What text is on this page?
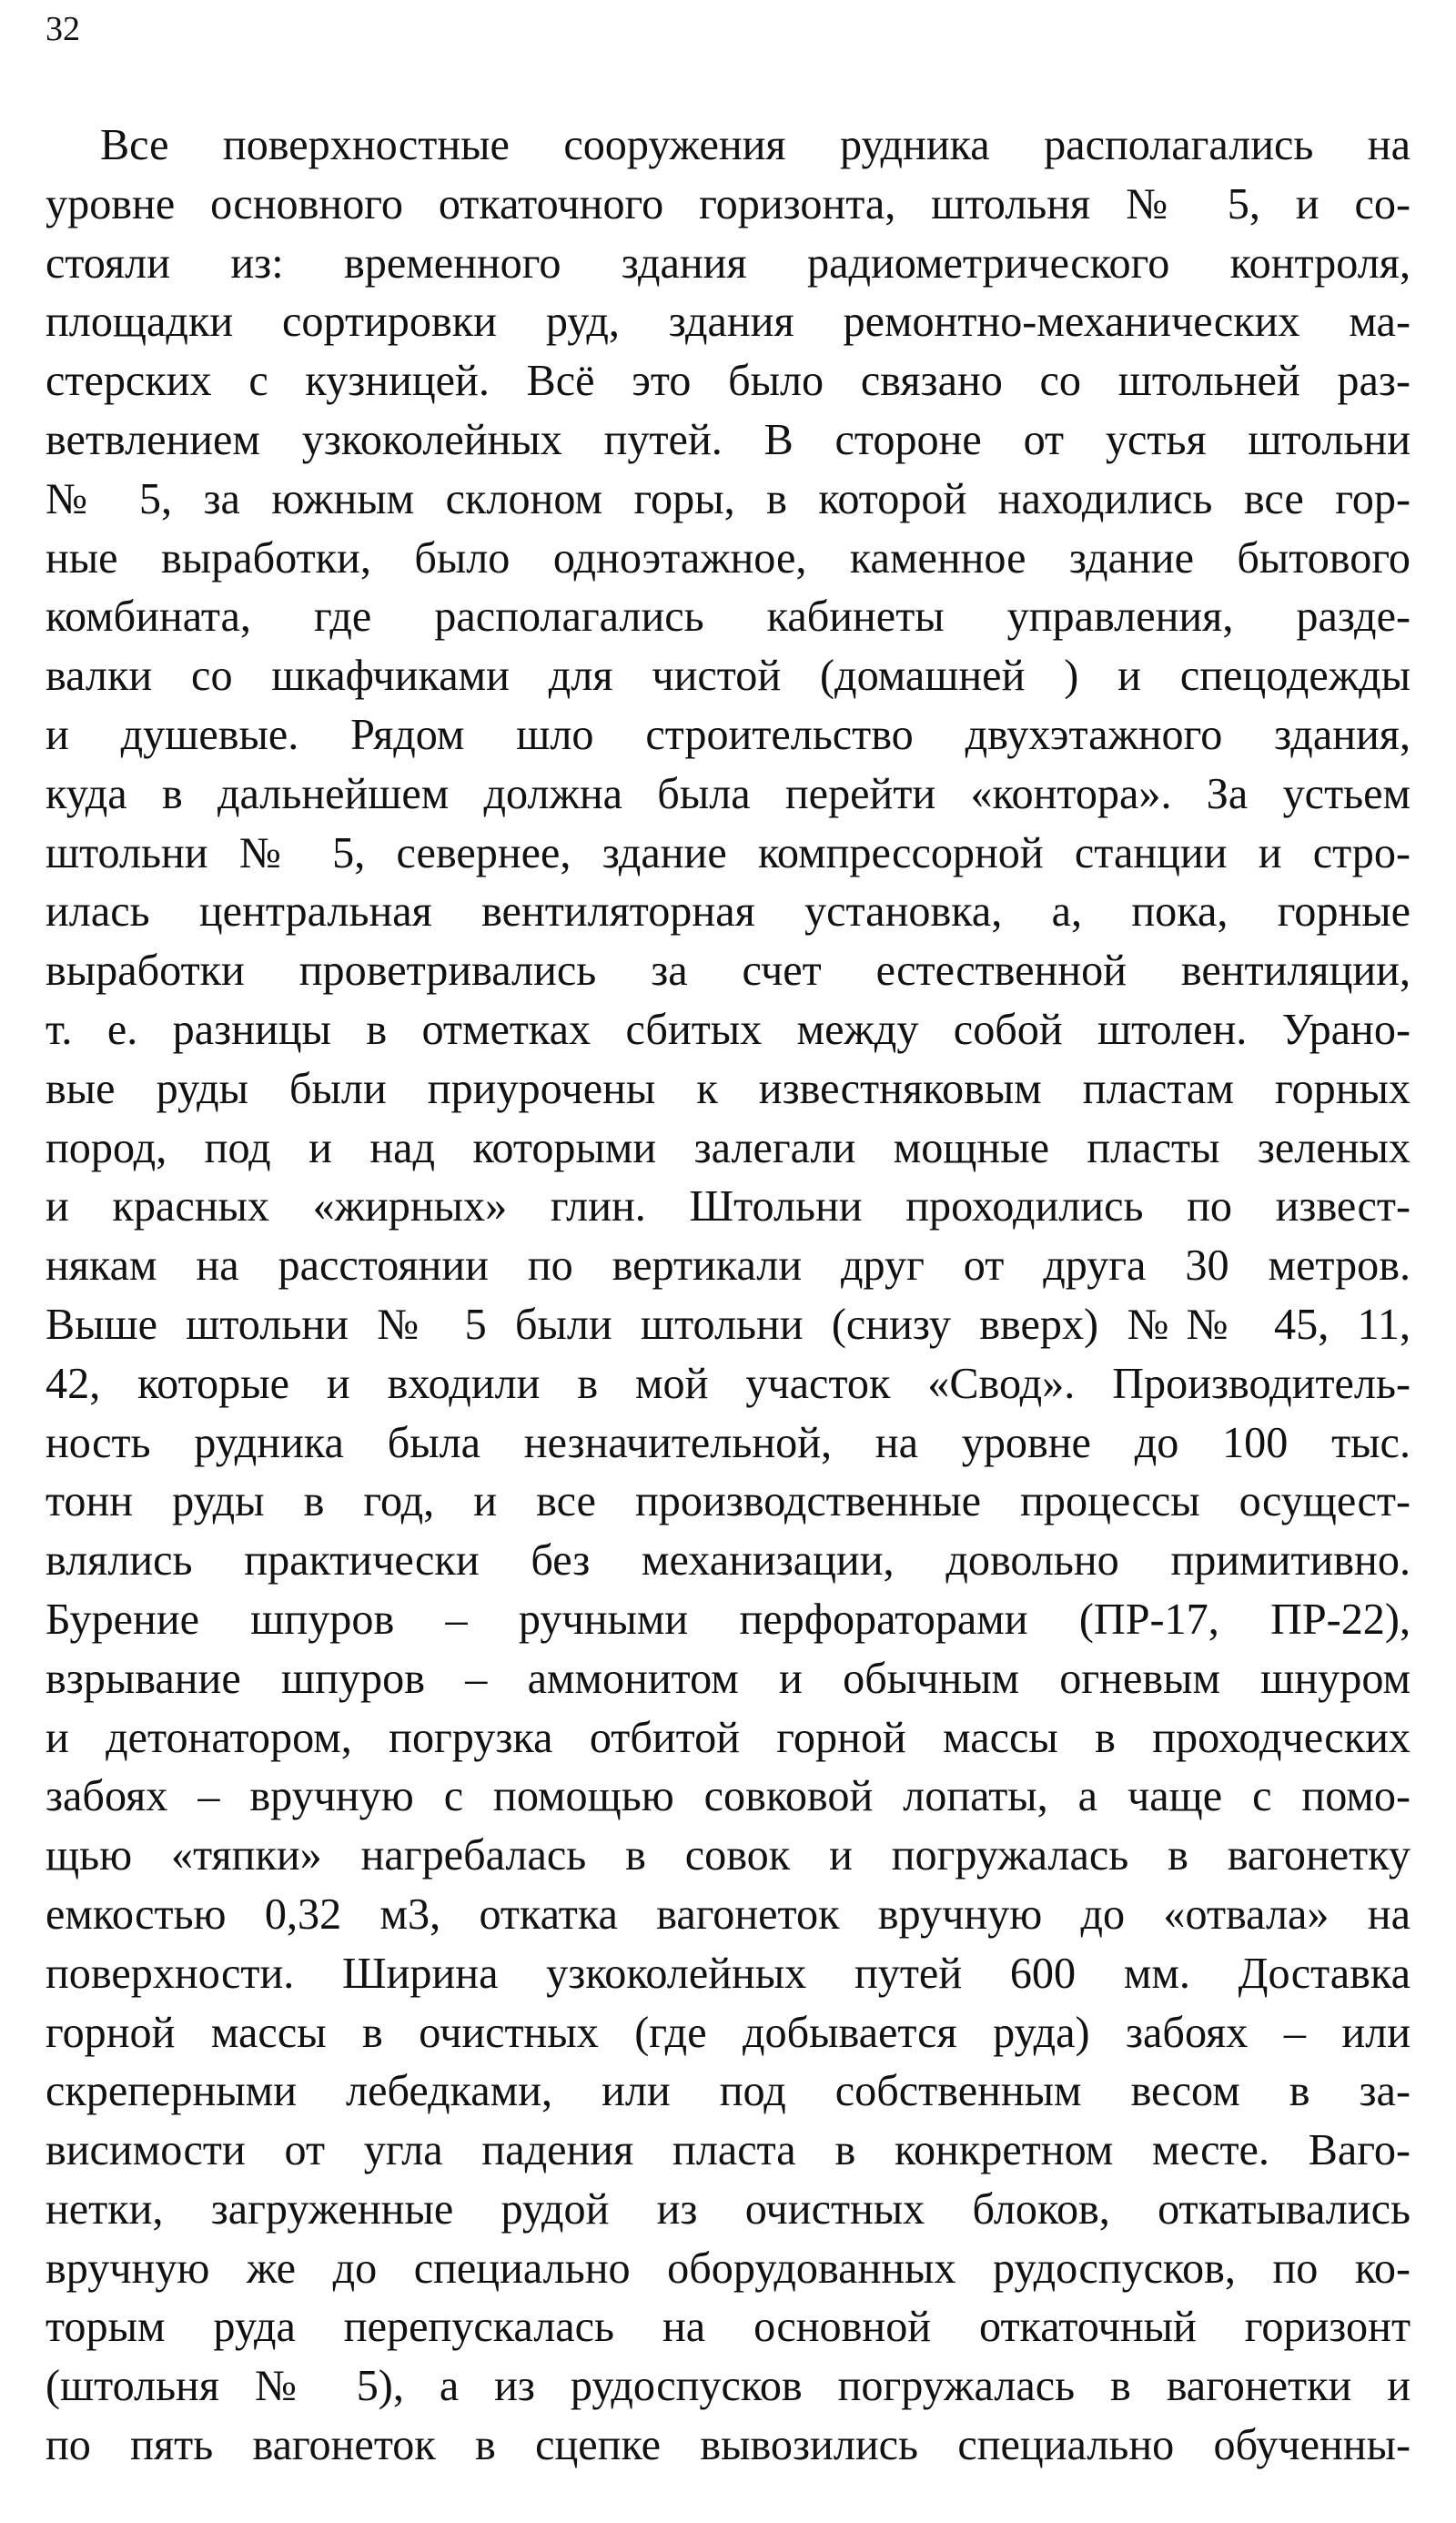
32
Все поверхностные сооружения рудника располагались на
уровне основного откаточного горизонта, штольня № 5, и со-
стояли из: временного здания радиометрического контроля,
площадки сортировки руд, здания ремонтно-механических ма-
стерских с кузницей. Всё это было связано со штольней раз-
ветвлением узкоколейных путей. В стороне от устья штольни
№ 5, за южным склоном горы, в которой находились все гор-
ные выработки, было одноэтажное, каменное здание бытового
комбината, где располагались кабинеты управления, разде-
валки со шкафчиками для чистой (домашней ) и спецодежды
и душевые. Рядом шло строительство двухэтажного здания,
куда в дальнейшем должна была перейти «контора». За устьем
штольни № 5, севернее, здание компрессорной станции и стро-
илась центральная вентиляторная установка, а, пока, горные
выработки проветривались за счет естественной вентиляции,
т. е. разницы в отметках сбитых между собой штолен. Урано-
вые руды были приурочены к известняковым пластам горных
пород, под и над которыми залегали мощные пласты зеленых
и красных «жирных» глин. Штольни проходились по извест-
някам на расстоянии по вертикали друг от друга 30 метров.
Выше штольни № 5 были штольни (снизу вверх) №№ 45, 11,
42, которые и входили в мой участок «Свод». Производитель-
ность рудника была незначительной, на уровне до 100 тыс.
тонн руды в год, и все производственные процессы осущест-
влялись практически без механизации, довольно примитивно.
Бурение шпуров – ручными перфораторами (ПР-17, ПР-22),
взрывание шпуров – аммонитом и обычным огневым шнуром
и детонатором, погрузка отбитой горной массы в проходческих
забоях – вручную с помощью совковой лопаты, а чаще с помо-
щью «тяпки» нагребалась в совок и погружалась в вагонетку
емкостью 0,32 м3, откатка вагонеток вручную до «отвала» на
поверхности. Ширина узкоколейных путей 600 мм. Доставка
горной массы в очистных (где добывается руда) забоях – или
скреперными лебедками, или под собственным весом в за-
висимости от угла падения пласта в конкретном месте. Ваго-
нетки, загруженные рудой из очистных блоков, откатывались
вручную же до специально оборудованных рудоспусков, по ко-
торым руда перепускалась на основной откаточный горизонт
(штольня № 5), а из рудоспусков погружалась в вагонетки и
по пять вагонеток в сцепке вывозились специально обученны-
